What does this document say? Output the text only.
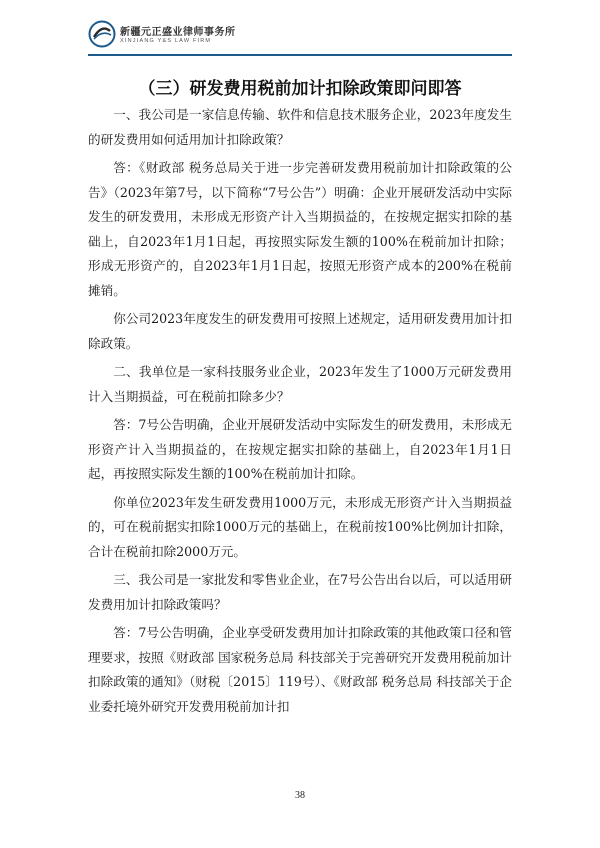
新疆元正盛业律师事务所
XINJIANG Y&S LAW FIRM
（三）研发费用税前加计扣除政策即问即答

一、我公司是一家信息传输、软件和信息技术服务企业，2023年度发生的研发费用如何适用加计扣除政策？

答：《财政部 税务总局关于进一步完善研发费用税前加计扣除政策的公告》（2023年第7号，以下简称“7号公告”）明确：企业开展研发活动中实际发生的研发费用，未形成无形资产计入当期损益的，在按规定据实扣除的基础上，自2023年1月1日起，再按照实际发生额的100%在税前加计扣除；形成无形资产的，自2023年1月1日起，按照无形资产成本的200%在税前摊销。

你公司2023年度发生的研发费用可按照上述规定，适用研发费用加计扣除政策。

二、我单位是一家科技服务业企业，2023年发生了1000万元研发费用计入当期损益，可在税前扣除多少？

答：7号公告明确，企业开展研发活动中实际发生的研发费用，未形成无形资产计入当期损益的，在按规定据实扣除的基础上，自2023年1月1日起，再按照实际发生额的100%在税前加计扣除。

你单位2023年发生研发费用1000万元，未形成无形资产计入当期损益的，可在税前据实扣除1000万元的基础上，在税前按100%比例加计扣除，合计在税前扣除2000万元。

三、我公司是一家批发和零售业企业，在7号公告出台以后，可以适用研发费用加计扣除政策吗？

答：7号公告明确，企业享受研发费用加计扣除政策的其他政策口径和管理要求，按照《财政部 国家税务总局 科技部关于完善研究开发费用税前加计扣除政策的通知》（财税〔2015〕119号）、《财政部 税务总局 科技部关于企业委托境外研究开发费用税前加计扣

38
